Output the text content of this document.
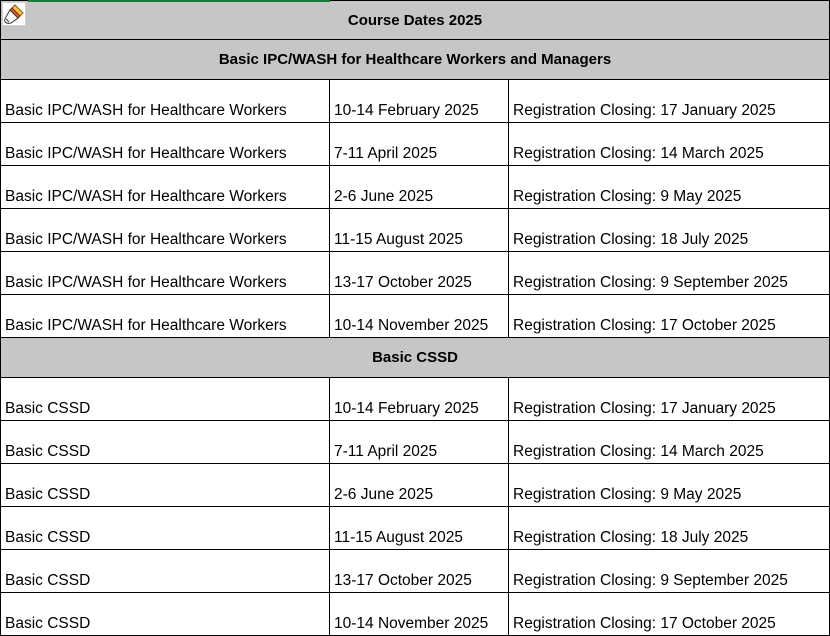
Course Dates 2025		
Basic IPC/WASH for Healthcare Workers and Managers		
Basic IPC/WASH for Healthcare Workers	10-14 February 2025	Registration Closing: 17 January 2025
Basic IPC/WASH for Healthcare Workers	7-11 April 2025	Registration Closing: 14 March 2025
Basic IPC/WASH for Healthcare Workers	2-6 June 2025	Registration Closing: 9 May 2025
Basic IPC/WASH for Healthcare Workers	11-15 August 2025	Registration Closing: 18 July 2025
Basic IPC/WASH for Healthcare Workers	13-17 October 2025	Registration Closing: 9 September 2025
Basic IPC/WASH for Healthcare Workers	10-14 November 2025	Registration Closing: 17 October 2025
Basic CSSD		
Basic CSSD	10-14 February 2025	Registration Closing: 17 January 2025
Basic CSSD	7-11 April 2025	Registration Closing: 14 March 2025
Basic CSSD	2-6 June 2025	Registration Closing: 9 May 2025
Basic CSSD	11-15 August 2025	Registration Closing: 18 July 2025
Basic CSSD	13-17 October 2025	Registration Closing: 9 September 2025
Basic CSSD	10-14 November 2025	Registration Closing: 17 October 2025
